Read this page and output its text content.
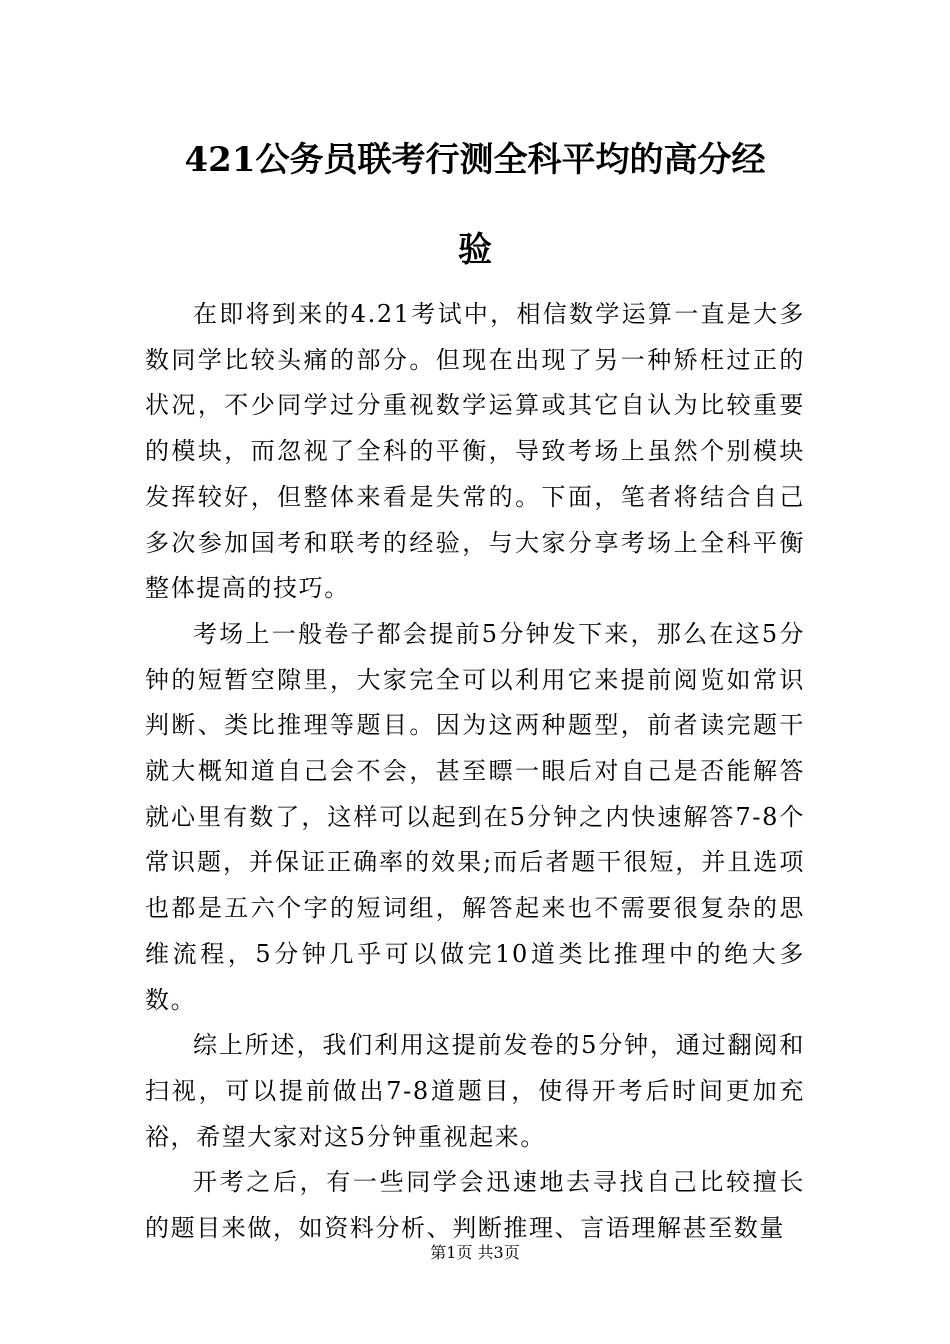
421公务员联考行测全科平均的高分经
验

在即将到来的4.21考试中，相信数学运算一直是大多数同学比较头痛的部分。但现在出现了另一种矫枉过正的状况，不少同学过分重视数学运算或其它自认为比较重要的模块，而忽视了全科的平衡，导致考场上虽然个别模块发挥较好，但整体来看是失常的。下面，笔者将结合自己多次参加国考和联考的经验，与大家分享考场上全科平衡整体提高的技巧。

考场上一般卷子都会提前5分钟发下来，那么在这5分钟的短暂空隙里，大家完全可以利用它来提前阅览如常识判断、类比推理等题目。因为这两种题型，前者读完题干就大概知道自己会不会，甚至瞟一眼后对自己是否能解答就心里有数了，这样可以起到在5分钟之内快速解答7-8个常识题，并保证正确率的效果;而后者题干很短，并且选项也都是五六个字的短词组，解答起来也不需要很复杂的思维流程，5分钟几乎可以做完10道类比推理中的绝大多数。

综上所述，我们利用这提前发卷的5分钟，通过翻阅和扫视，可以提前做出7-8道题目，使得开考后时间更加充裕，希望大家对这5分钟重视起来。

开考之后，有一些同学会迅速地去寻找自己比较擅长的题目来做，如资料分析、判断推理、言语理解甚至数量

第1页 共3页
